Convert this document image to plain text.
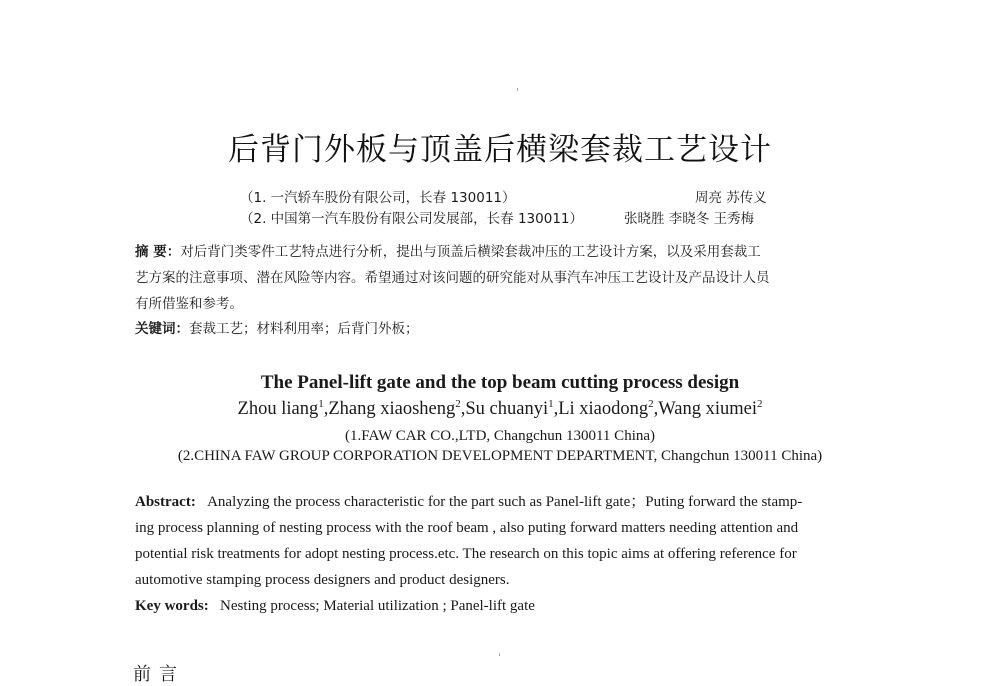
后背门外板与顶盖后横梁套裁工艺设计
（1. 一汽轿车股份有限公司，长春 130011）	周亮 苏传义
（2. 中国第一汽车股份有限公司发展部，长春 130011）	张晓胜 李晓冬 王秀梅
摘 要：对后背门类零件工艺特点进行分析，提出与顶盖后横梁套裁冲压的工艺设计方案，以及采用套裁工
艺方案的注意事项、潜在风险等内容。希望通过对该问题的研究能对从事汽车冲压工艺设计及产品设计人员
有所借鉴和参考。
关键词：套裁工艺；材料利用率；后背门外板；
The Panel-lift gate and the top beam cutting process design
Zhou liang$^1$,Zhang xiaosheng$^2$,Su chuanyi$^1$,Li xiaodong$^2$,Wang xiumei$^2$
(1.FAW CAR CO.,LTD, Changchun 130011 China)
(2.CHINA FAW GROUP CORPORATION DEVELOPMENT DEPARTMENT, Changchun 130011 China)
Abstract: Analyzing the process characteristic for the part such as Panel-lift gate；Puting forward the stamp-
ing process planning of nesting process with the roof beam , also puting forward matters needing attention and
potential risk treatments for adopt nesting process.etc. The research on this topic aims at offering reference for
automotive stamping process designers and product designers.
Key words: Nesting process; Material utilization ; Panel-lift gate
前言
